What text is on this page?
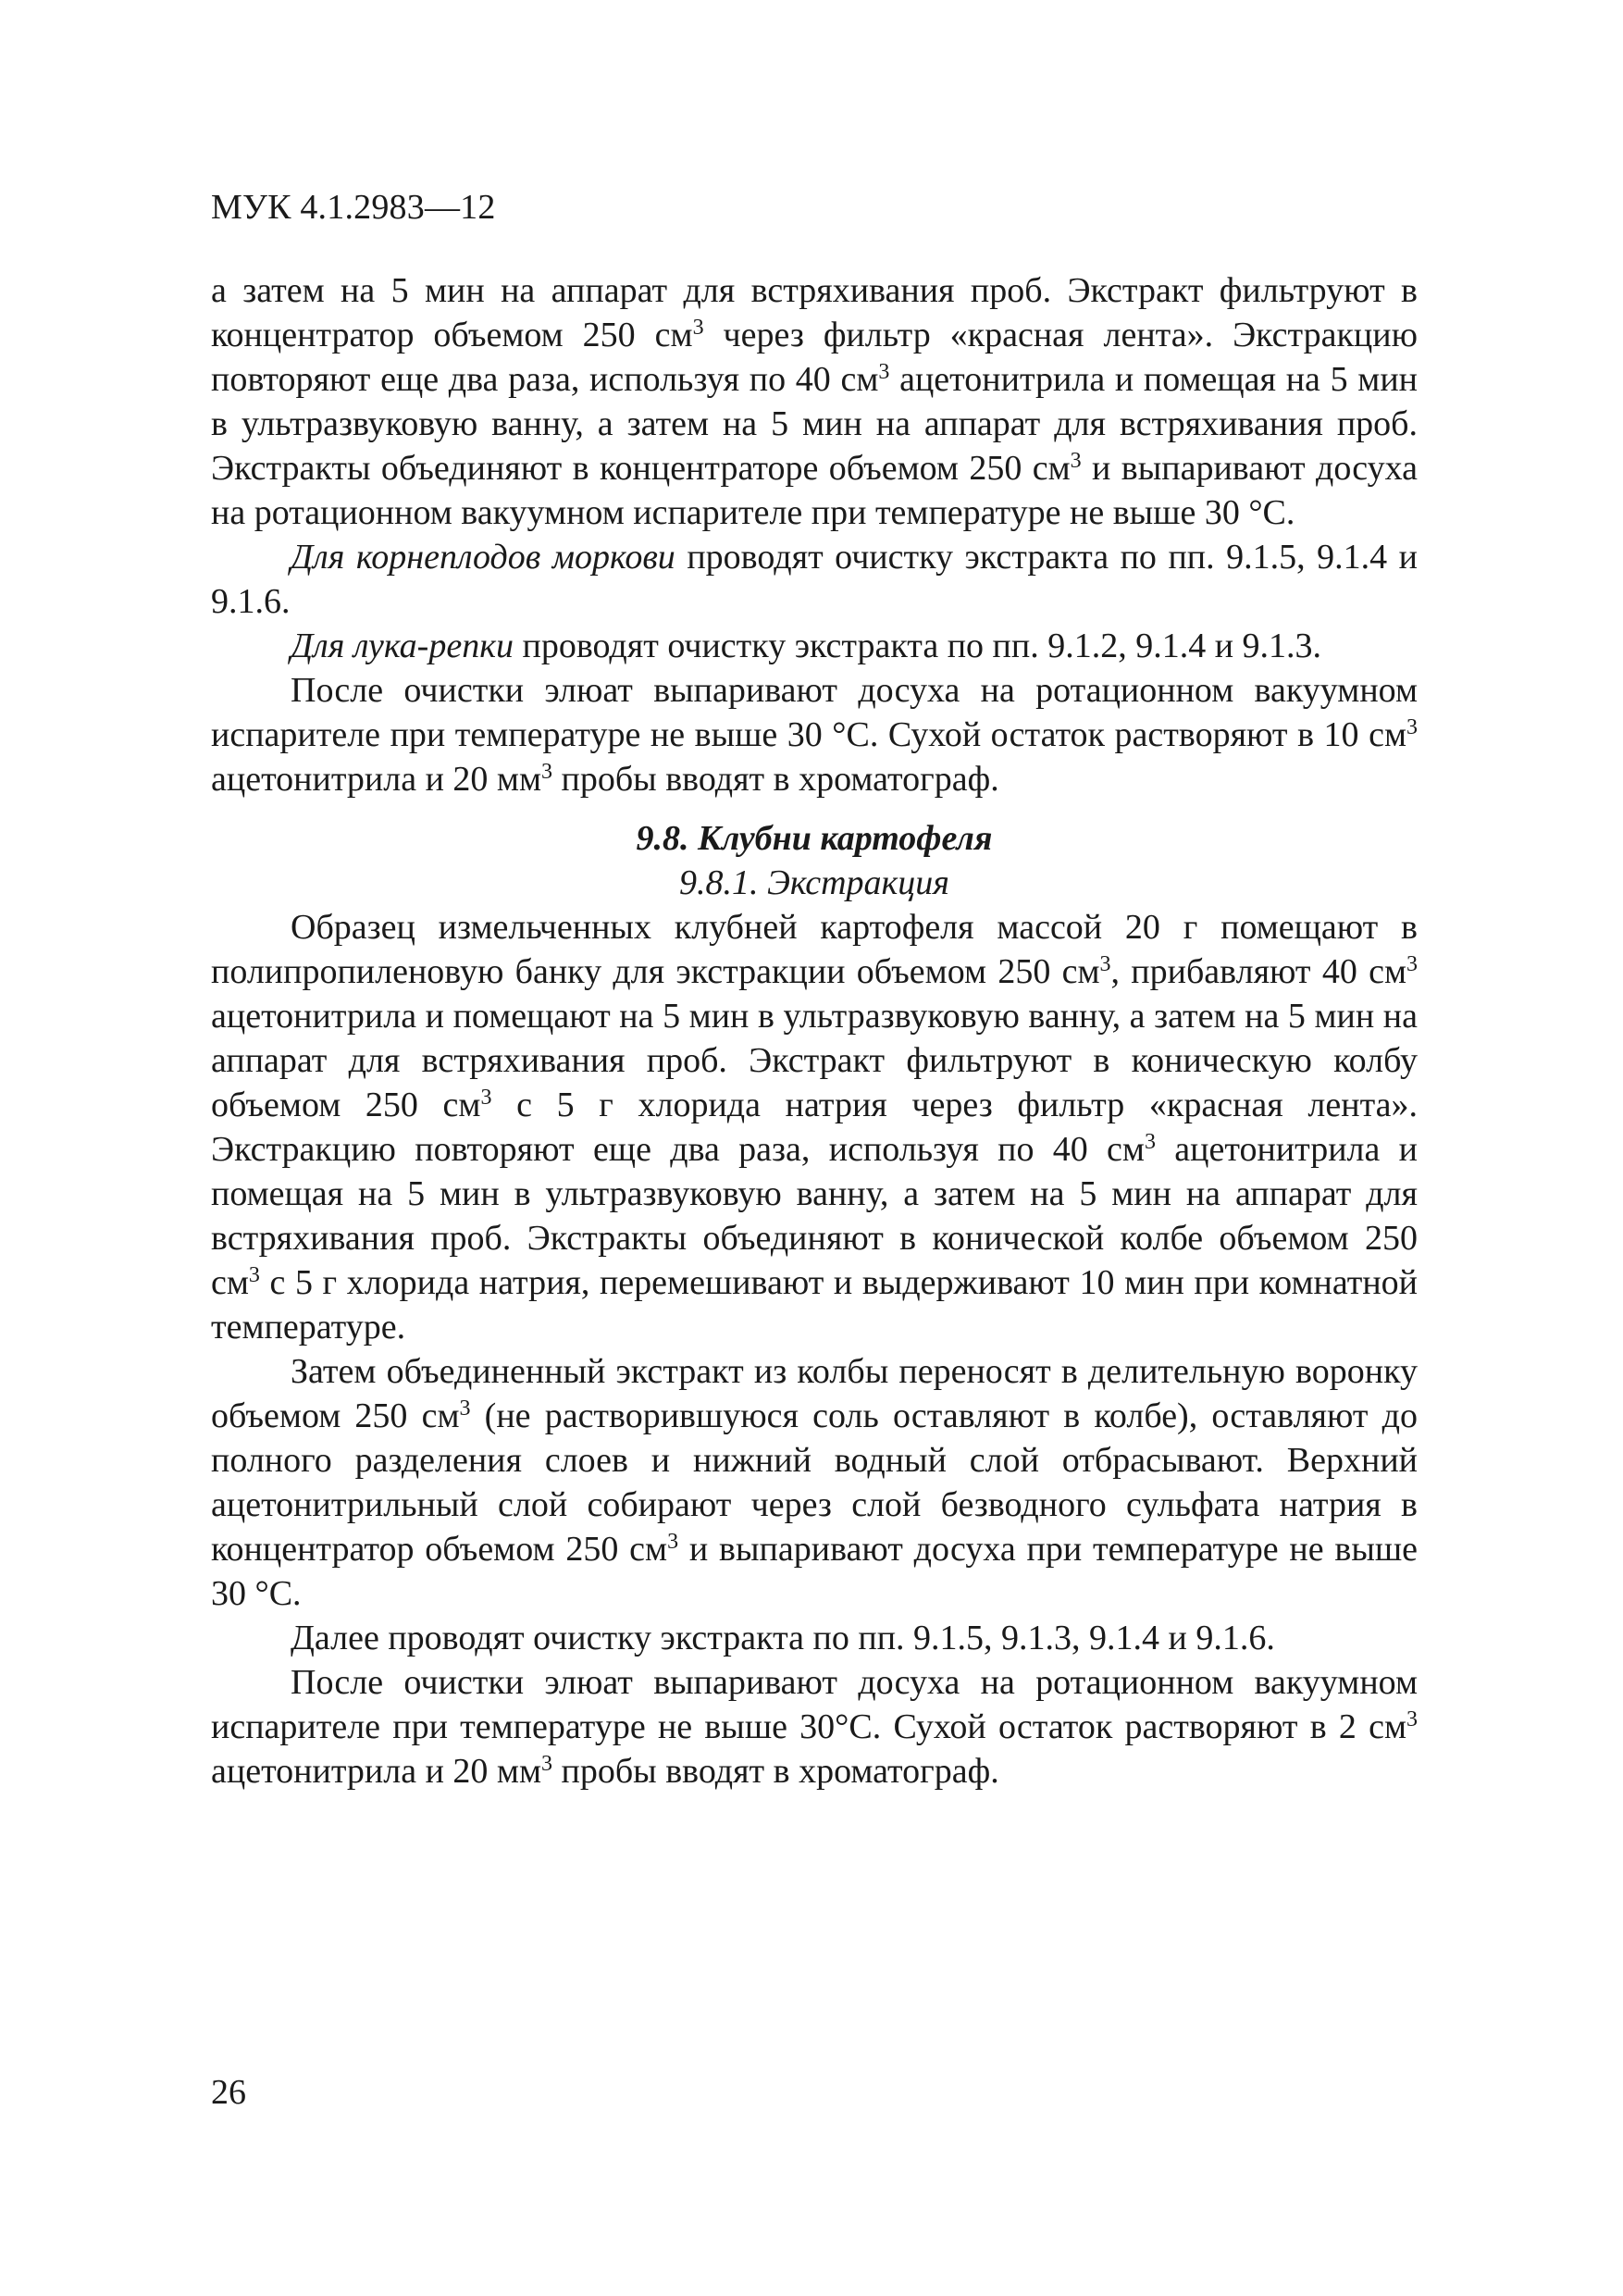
МУК 4.1.2983—12

а затем на 5 мин на аппарат для встряхивания проб. Экстракт фильтруют в концентратор объемом 250 $см^3$ через фильтр «красная лента». Экстракцию повторяют еще два раза, используя по 40 $см^3$ ацетонитрила и помещая на 5 мин в ультразвуковую ванну, а затем на 5 мин на аппарат для встряхивания проб. Экстракты объединяют в концентраторе объемом 250 $см^3$ и выпаривают досуха на ротационном вакуумном испарителе при температуре не выше 30 °С.

Для корнеплодов моркови проводят очистку экстракта по пп. 9.1.5, 9.1.4 и 9.1.6.

Для лука-репки проводят очистку экстракта по пп. 9.1.2, 9.1.4 и 9.1.3.

После очистки элюат выпаривают досуха на ротационном вакуумном испарителе при температуре не выше 30 °С. Сухой остаток растворяют в 10 $см^3$ ацетонитрила и 20 $мм^3$ пробы вводят в хроматограф.

9.8. Клубни картофеля

9.8.1. Экстракция

Образец измельченных клубней картофеля массой 20 г помещают в полипропиленовую банку для экстракции объемом 250 $см^3$, прибавляют 40 $см^3$ ацетонитрила и помещают на 5 мин в ультразвуковую ванну, а затем на 5 мин на аппарат для встряхивания проб. Экстракт фильтруют в коническую колбу объемом 250 $см^3$ с 5 г хлорида натрия через фильтр «красная лента». Экстракцию повторяют еще два раза, используя по 40 $см^3$ ацетонитрила и помещая на 5 мин в ультразвуковую ванну, а затем на 5 мин на аппарат для встряхивания проб. Экстракты объединяют в конической колбе объемом 250 $см^3$ с 5 г хлорида натрия, перемешивают и выдерживают 10 мин при комнатной температуре.

Затем объединенный экстракт из колбы переносят в делительную воронку объемом 250 $см^3$ (не растворившуюся соль оставляют в колбе), оставляют до полного разделения слоев и нижний водный слой отбрасывают. Верхний ацетонитрильный слой собирают через слой безводного сульфата натрия в концентратор объемом 250 $см^3$ и выпаривают досуха при температуре не выше 30 °С.

Далее проводят очистку экстракта по пп. 9.1.5, 9.1.3, 9.1.4 и 9.1.6.

После очистки элюат выпаривают досуха на ротационном вакуумном испарителе при температуре не выше 30°С. Сухой остаток растворяют в 2 $см^3$ ацетонитрила и 20 $мм^3$ пробы вводят в хроматограф.

26
